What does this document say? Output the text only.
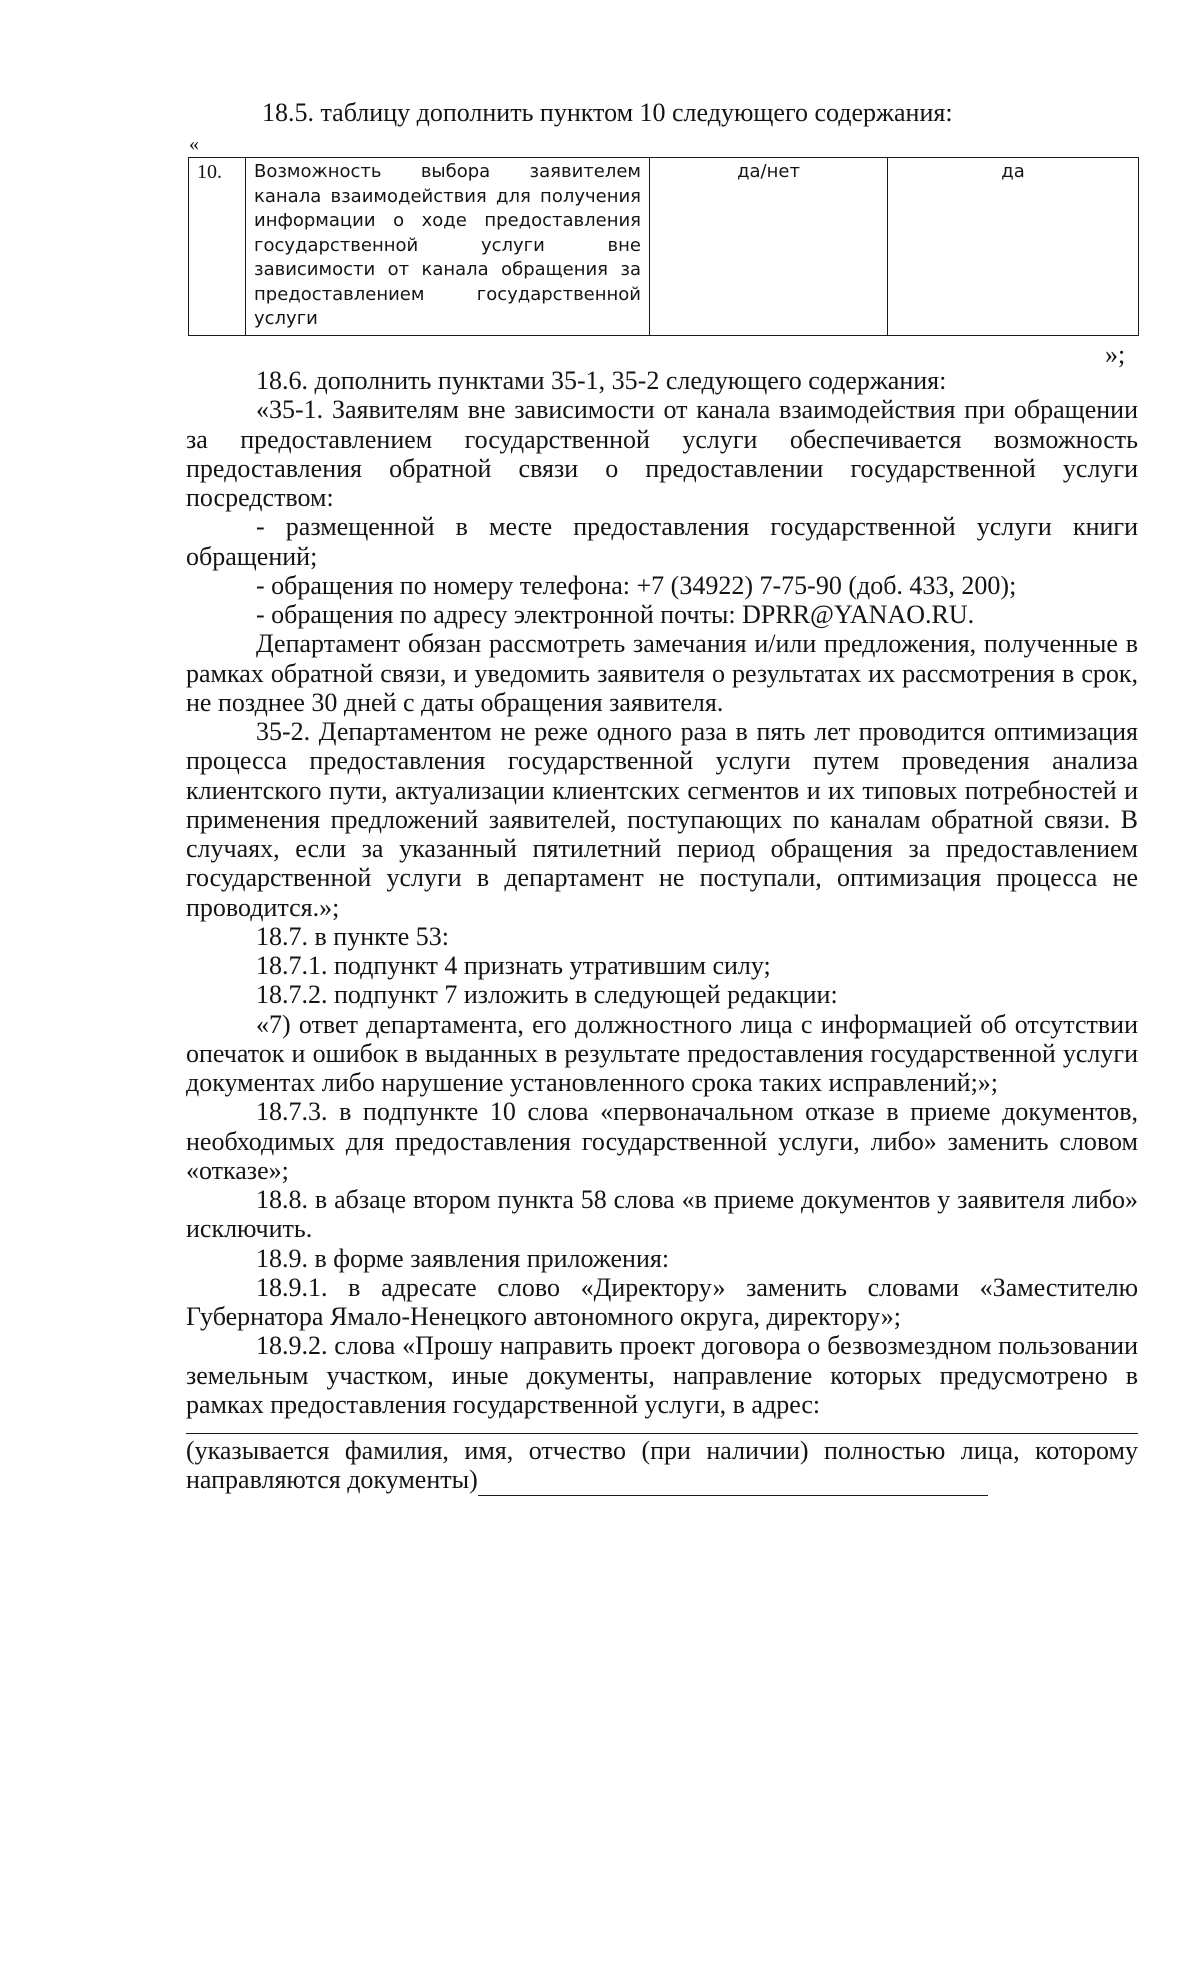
18.5. таблицу дополнить пунктом 10 следующего содержания:
«
10.	Возможность выбора заявителем канала взаимодействия для получения информации о ходе предоставления государственной услуги вне зависимости от канала обращения за предоставлением государственной услуги	да/нет	да
»;

18.6. дополнить пунктами 35-1, 35-2 следующего содержания:

«35-1. Заявителям вне зависимости от канала взаимодействия при обращении за предоставлением государственной услуги обеспечивается возможность предоставления обратной связи о предоставлении государственной услуги посредством:

- размещенной в месте предоставления государственной услуги книги обращений;

- обращения по номеру телефона: +7 (34922) 7-75-90 (доб. 433, 200);

- обращения по адресу электронной почты: DPRR@YANAO.RU.

Департамент обязан рассмотреть замечания и/или предложения, полученные в рамках обратной связи, и уведомить заявителя о результатах их рассмотрения в срок, не позднее 30 дней с даты обращения заявителя.

35-2. Департаментом не реже одного раза в пять лет проводится оптимизация процесса предоставления государственной услуги путем проведения анализа клиентского пути, актуализации клиентских сегментов и их типовых потребностей и применения предложений заявителей, поступающих по каналам обратной связи. В случаях, если за указанный пятилетний период обращения за предоставлением государственной услуги в департамент не поступали, оптимизация процесса не проводится.»;

18.7. в пункте 53:

18.7.1. подпункт 4 признать утратившим силу;

18.7.2. подпункт 7 изложить в следующей редакции:

«7) ответ департамента, его должностного лица с информацией об отсутствии опечаток и ошибок в выданных в результате предоставления государственной услуги документах либо нарушение установленного срока таких исправлений;»;

18.7.3. в подпункте 10 слова «первоначальном отказе в приеме документов, необходимых для предоставления государственной услуги, либо» заменить словом «отказе»;

18.8. в абзаце втором пункта 58 слова «в приеме документов у заявителя либо» исключить.

18.9. в форме заявления приложения:

18.9.1. в адресате слово «Директору» заменить словами «Заместителю Губернатора Ямало-Ненецкого автономного округа, директору»;

18.9.2. слова «Прошу направить проект договора о безвозмездном пользовании земельным участком, иные документы, направление которых предусмотрено в рамках предоставления государственной услуги, в адрес:

(указывается фамилия, имя, отчество (при наличии) полностью лица, которому направляются документы)
